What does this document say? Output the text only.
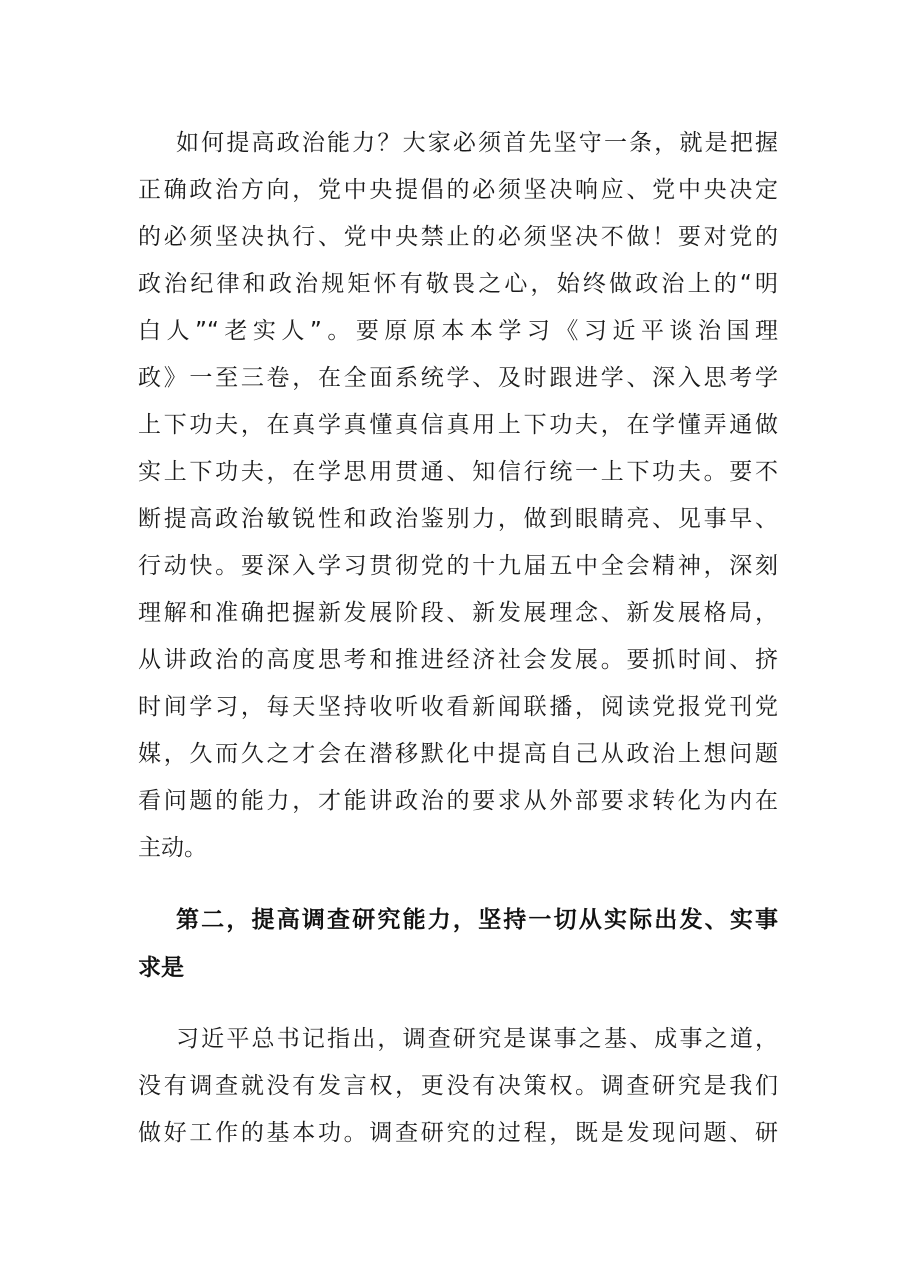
如何提高政治能力？大家必须首先坚守一条，就是把握
正确政治方向，党中央提倡的必须坚决响应、党中央决定
的必须坚决执行、党中央禁止的必须坚决不做！要对党的
政治纪律和政治规矩怀有敬畏之心，始终做政治上的“明
白人”“老实人”。要原原本本学习《习近平谈治国理
政》一至三卷，在全面系统学、及时跟进学、深入思考学
上下功夫，在真学真懂真信真用上下功夫，在学懂弄通做
实上下功夫，在学思用贯通、知信行统一上下功夫。要不
断提高政治敏锐性和政治鉴别力，做到眼睛亮、见事早、
行动快。要深入学习贯彻党的十九届五中全会精神，深刻
理解和准确把握新发展阶段、新发展理念、新发展格局，
从讲政治的高度思考和推进经济社会发展。要抓时间、挤
时间学习，每天坚持收听收看新闻联播，阅读党报党刊党
媒，久而久之才会在潜移默化中提高自己从政治上想问题
看问题的能力，才能讲政治的要求从外部要求转化为内在
主动。
第二，提高调查研究能力，坚持一切从实际出发、实事
求是
习近平总书记指出，调查研究是谋事之基、成事之道，
没有调查就没有发言权，更没有决策权。调查研究是我们
做好工作的基本功。调查研究的过程，既是发现问题、研
